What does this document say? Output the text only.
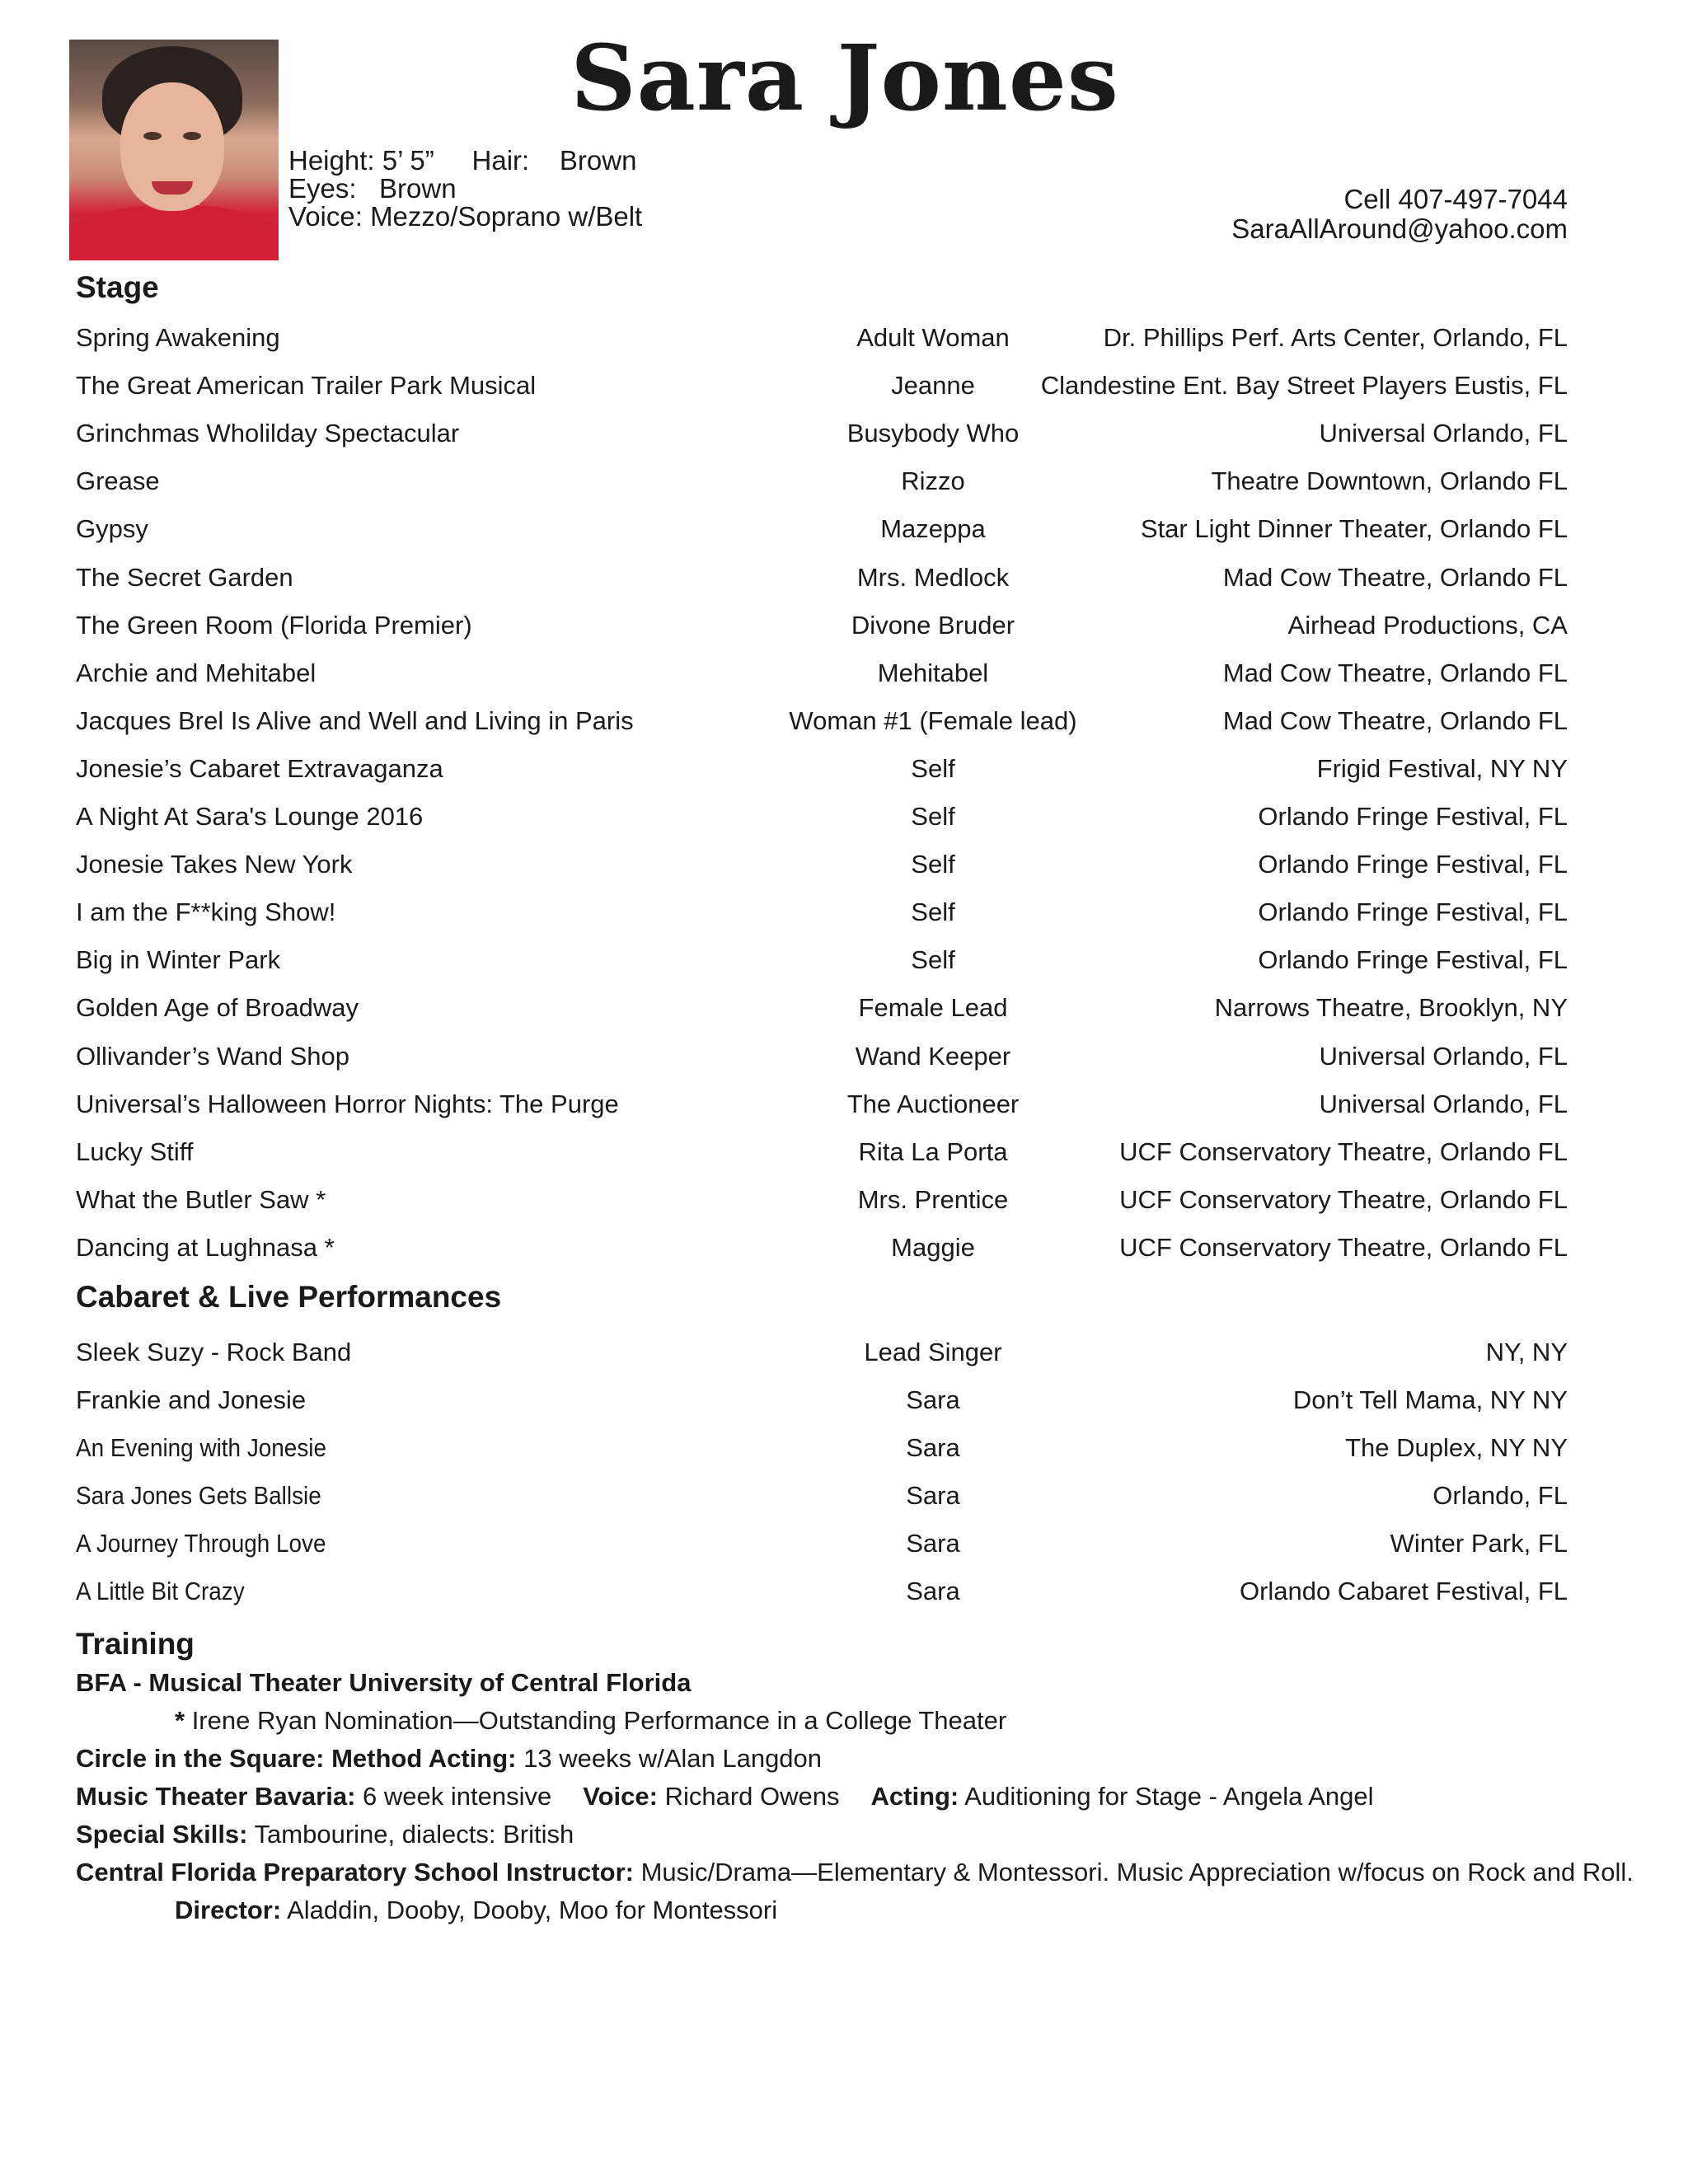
Sara Jones
Height: 5’ 5”     Hair:    Brown
Eyes:   Brown
Voice: Mezzo/Soprano w/Belt
Cell 407-497-7044
SaraAllAround@yahoo.com
Stage
Spring Awakening	Adult Woman	Dr. Phillips Perf. Arts Center, Orlando, FL
The Great American Trailer Park Musical	Jeanne	Clandestine Ent. Bay Street Players Eustis, FL
Grinchmas Wholilday Spectacular	Busybody Who	Universal Orlando, FL
Grease	Rizzo	Theatre Downtown, Orlando FL
Gypsy	Mazeppa	Star Light Dinner Theater, Orlando FL
The Secret Garden	Mrs. Medlock	Mad Cow Theatre, Orlando FL
The Green Room (Florida Premier)	Divone Bruder	Airhead Productions, CA
Archie and Mehitabel	Mehitabel	Mad Cow Theatre, Orlando FL
Jacques Brel Is Alive and Well and Living in Paris	Woman #1 (Female lead)	Mad Cow Theatre, Orlando FL
Jonesie’s Cabaret Extravaganza	Self	Frigid Festival, NY NY
A Night At Sara's Lounge 2016	Self	Orlando Fringe Festival, FL
Jonesie Takes New York	Self	Orlando Fringe Festival, FL
I am the F**king Show!	Self	Orlando Fringe Festival, FL
Big in Winter Park	Self	Orlando Fringe Festival, FL
Golden Age of Broadway	Female Lead	Narrows Theatre, Brooklyn, NY
Ollivander’s Wand Shop	Wand Keeper	Universal Orlando, FL
Universal’s Halloween Horror Nights: The Purge	The Auctioneer	Universal Orlando, FL
Lucky Stiff	Rita La Porta	UCF Conservatory Theatre, Orlando FL
What the Butler Saw *	Mrs. Prentice	UCF Conservatory Theatre, Orlando FL
Dancing at Lughnasa *	Maggie	UCF Conservatory Theatre, Orlando FL
Cabaret & Live Performances
Sleek Suzy - Rock Band	Lead Singer	NY, NY
Frankie and Jonesie	Sara	Don’t Tell Mama, NY NY
An Evening with Jonesie	Sara	The Duplex, NY NY
Sara Jones Gets Ballsie	Sara	Orlando, FL
A Journey Through Love	Sara	Winter Park, FL
A Little Bit Crazy	Sara	Orlando Cabaret Festival, FL
Training
BFA - Musical Theater University of Central Florida
* Irene Ryan Nomination—Outstanding Performance in a College Theater
Circle in the Square: Method Acting: 13 weeks w/Alan Langdon
Music Theater Bavaria: 6 week intensive Voice: Richard Owens Acting: Auditioning for Stage - Angela Angel
Special Skills: Tambourine, dialects: British
Central Florida Preparatory School Instructor: Music/Drama—Elementary & Montessori. Music Appreciation w/focus on Rock and Roll.
Director: Aladdin, Dooby, Dooby, Moo for Montessori
